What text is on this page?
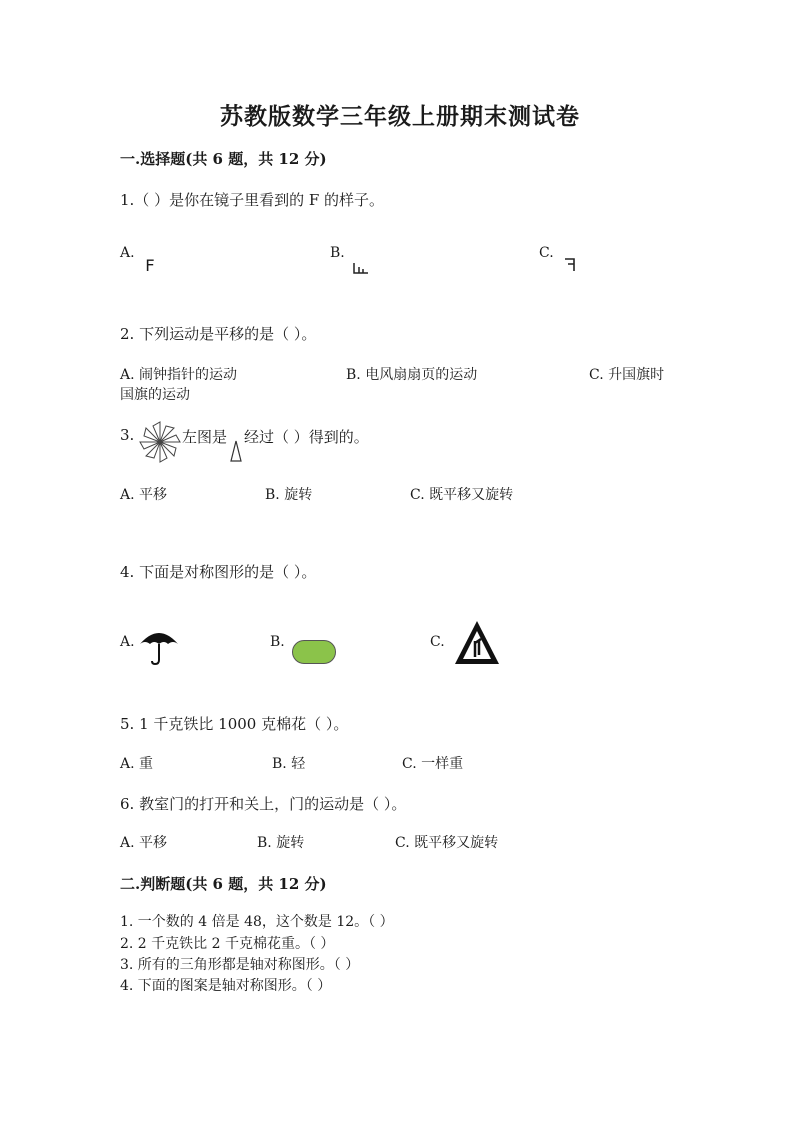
苏教版数学三年级上册期末测试卷
一.选择题(共 6 题，共 12 分)
1.（ ）是你在镜子里看到的 F 的样子。
A.
F
B.	C.
2. 下列运动是平移的是（ ）。
A. 闹钟指针的运动	B. 电风扇扇页的运动	C. 升国旗时
国旗的运动
3.	左图是 经过（ ）得到的。
A. 平移	B. 旋转	C. 既平移又旋转
4. 下面是对称图形的是（ ）。
A.	B.	C.
5. 1 千克铁比 1000 克棉花（ ）。
A. 重	B. 轻	C. 一样重
6. 教室门的打开和关上，门的运动是（ ）。
A. 平移	B. 旋转	C. 既平移又旋转
二.判断题(共 6 题，共 12 分)
1. 一个数的 4 倍是 48，这个数是 12。（ ）
2. 2 千克铁比 2 千克棉花重。（ ）
3. 所有的三角形都是轴对称图形。（ ）
4. 下面的图案是轴对称图形。（ ）
